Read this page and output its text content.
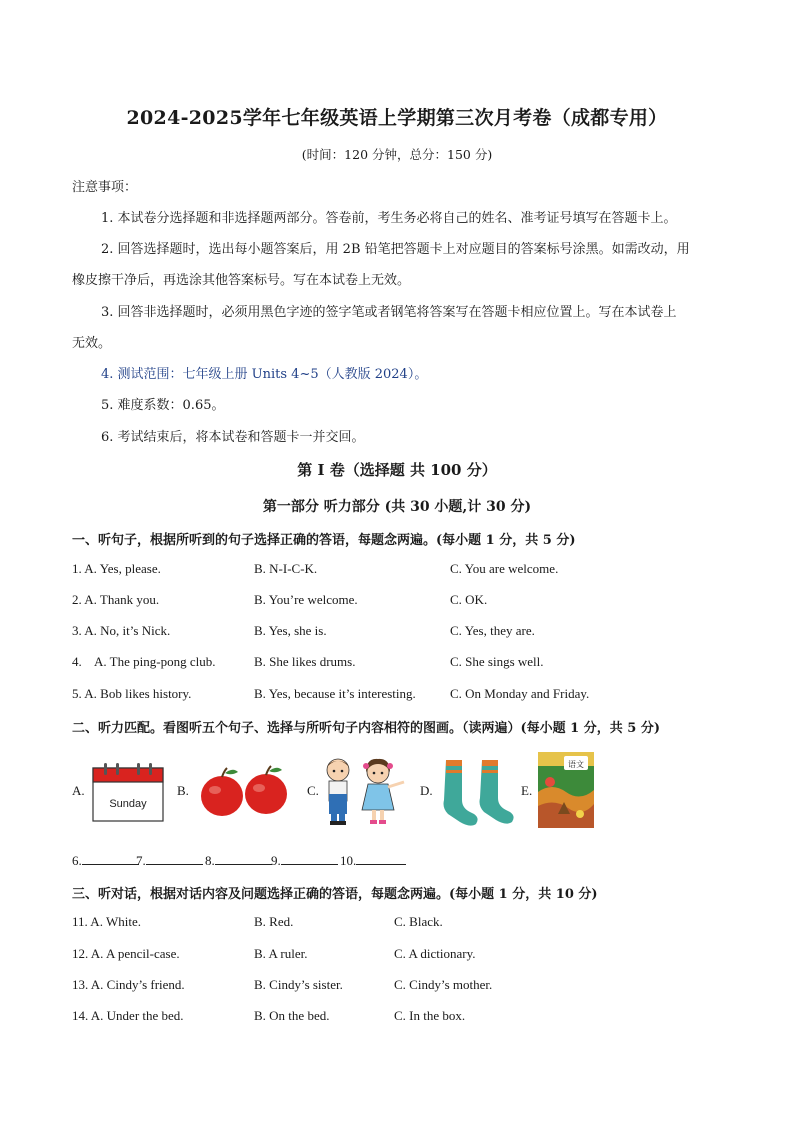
2024-2025学年七年级英语上学期第三次月考卷（成都专用）
(时间：120 分钟，总分：150 分)
注意事项：
1. 本试卷分选择题和非选择题两部分。答卷前，考生务必将自己的姓名、准考证号填写在答题卡上。
2. 回答选择题时，选出每小题答案后，用 2B 铅笔把答题卡上对应题目的答案标号涂黑。如需改动，用
橡皮擦干净后，再选涂其他答案标号。写在本试卷上无效。
3. 回答非选择题时，必须用黑色字迹的签字笔或者钢笔将答案写在答题卡相应位置上。写在本试卷上
无效。
4. 测试范围：七年级上册 Units 4~5（人教版 2024）。
5. 难度系数：0.65。
6. 考试结束后，将本试卷和答题卡一并交回。
第 I 卷（选择题 共 100 分）
第一部分 听力部分 (共 30 小题,计 30 分)
一、听句子，根据所听到的句子选择正确的答语，每题念两遍。(每小题 1 分，共 5 分)
1. A. Yes, please.	B. N-I-C-K.	C. You are welcome.
2. A. Thank you.	B. You’re welcome.	C. OK.
3. A. No, it’s Nick.	B. Yes, she is.	C. Yes, they are.
4.    A. The ping-pong club.	B. She likes drums.	C. She sings well.
5. A. Bob likes history.	B. Yes, because it’s interesting.	C. On Monday and Friday.
二、听力匹配。看图听五个句子、选择与所听句子内容相符的图画。（读两遍）(每小题 1 分，共 5 分)
A.
Sunday
B.	C.	D.	E.
语文
6.	7.	8.	9.	10.
三、听对话，根据对话内容及问题选择正确的答语，每题念两遍。(每小题 1 分，共 10 分)
11. A. White.	B. Red.	C. Black.
12. A. A pencil-case.	B. A ruler.	C. A dictionary.
13. A. Cindy’s friend.	B. Cindy’s sister.	C. Cindy’s mother.
14. A. Under the bed.	B. On the bed.	C. In the box.
